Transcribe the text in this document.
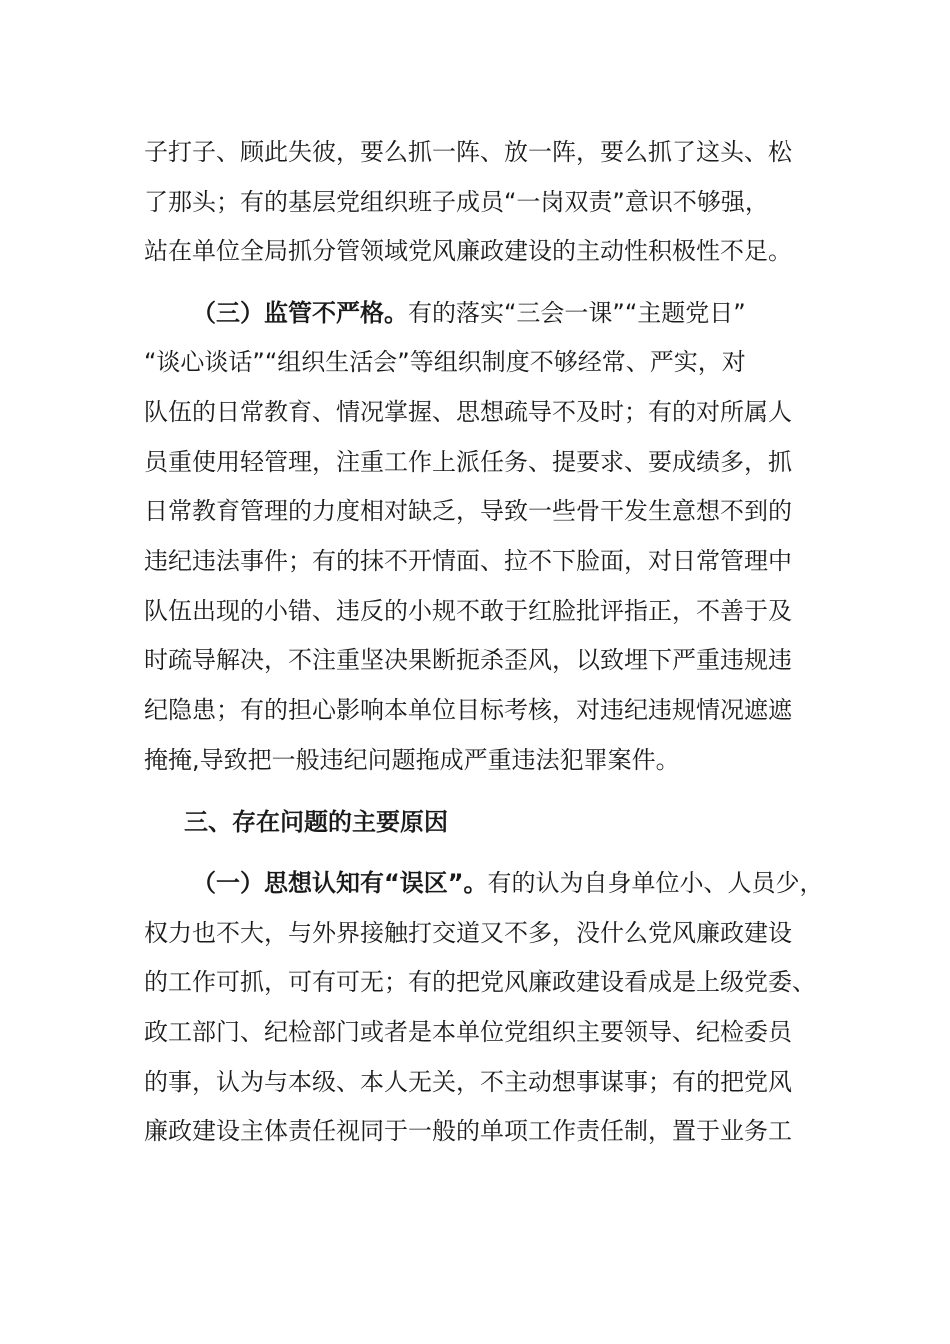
子打子、顾此失彼，要么抓一阵、放一阵，要么抓了这头、松
了那头；有的基层党组织班子成员“一岗双责”意识不够强，
站在单位全局抓分管领域党风廉政建设的主动性积极性不足。
（三）监管不严格。有的落实“三会一课”“主题党日”
“谈心谈话”“组织生活会”等组织制度不够经常、严实，对
队伍的日常教育、情况掌握、思想疏导不及时；有的对所属人
员重使用轻管理，注重工作上派任务、提要求、要成绩多，抓
日常教育管理的力度相对缺乏，导致一些骨干发生意想不到的
违纪违法事件；有的抹不开情面、拉不下脸面，对日常管理中
队伍出现的小错、违反的小规不敢于红脸批评指正，不善于及
时疏导解决，不注重坚决果断扼杀歪风，以致埋下严重违规违
纪隐患；有的担心影响本单位目标考核，对违纪违规情况遮遮
掩掩,导致把一般违纪问题拖成严重违法犯罪案件。
三、存在问题的主要原因
（一）思想认知有“误区”。有的认为自身单位小、人员少，
权力也不大，与外界接触打交道又不多，没什么党风廉政建设
的工作可抓，可有可无；有的把党风廉政建设看成是上级党委、
政工部门、纪检部门或者是本单位党组织主要领导、纪检委员
的事，认为与本级、本人无关，不主动想事谋事；有的把党风
廉政建设主体责任视同于一般的单项工作责任制，置于业务工
